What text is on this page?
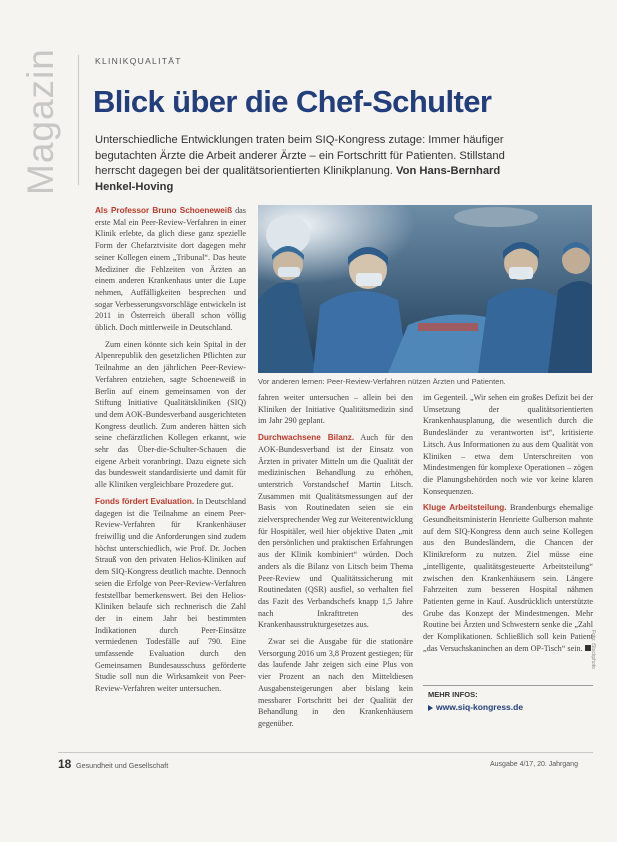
Magazin	KLINIKQUALITÄT
Blick über die Chef-Schulter
Unterschiedliche Entwicklungen traten beim SIQ-Kongress zutage: Immer häufiger begutachten Ärzte die Arbeit anderer Ärzte – ein Fortschritt für Patienten. Stillstand herrscht dagegen bei der qualitätsorientierten Klinikplanung. Von Hans-Bernhard Henkel-Hoving

Als Professor Bruno Schoeneweiß das erste Mal ein Peer-Review-Verfahren in einer Klinik erlebte, da glich diese ganz spezielle Form der Chefarztvisite dort dagegen mehr seiner Kollegen einem „Tribunal“. Das heute Mediziner die Fehlzeiten von Ärzten an einem anderen Krankenhaus unter die Lupe nehmen, Auffälligkeiten besprechen und sogar Verbesserungsvorschläge entwickeln ist 2011 in Österreich überall schon völlig üblich. Doch mittlerweile in Deutschland.

Zum einen könnte sich kein Spital in der Alpenrepublik den gesetzlichen Pflichten zur Teilnahme an den jährlichen Peer-Review-Verfahren entziehen, sagte Schoeneweiß in Berlin auf einem gemeinsamen von der Stiftung Initiative Qualitätskliniken (SIQ) und dem AOK-Bundesverband ausgerichteten Kongress deutlich. Zum anderen hätten sich seine chefärztlichen Kollegen erkannt, wie sehr das Über-die-Schulter-Schauen die eigene Arbeit voranbringt. Dazu eignete sich das bundesweit standardisierte und damit für alle Kliniken vergleichbare Prozedere gut.

Fonds fördert Evaluation. In Deutschland dagegen ist die Teilnahme an einem Peer-Review-Verfahren für Krankenhäuser freiwillig und die Anforderungen sind zudem höchst unterschiedlich, wie Prof. Dr. Jochen Strauß von den privaten Helios-Kliniken auf dem SIQ-Kongress deutlich machte. Dennoch seien die Erfolge von Peer-Review-Verfahren feststellbar bemerkenswert. Bei den Helios-Kliniken belaufe sich rechnerisch die Zahl der in einem Jahr bei bestimmten Indikationen durch Peer-Einsätze vermiedenen Todesfälle auf 790. Eine umfassende Evaluation durch den Gemeinsamen Bundesausschuss geförderte Studie soll nun die Wirksamkeit von Peer-Review-Verfahren weiter untersuchen.

Vor anderen lernen: Peer-Review-Verfahren nützen Ärzten und Patienten.

fahren weiter untersuchen – allein bei den Kliniken der Initiative Qualitätsmedizin sind im Jahr 290 geplant.

Durchwachsene Bilanz. Auch für den AOK-Bundesverband ist der Einsatz von Ärzten in privater Mitteln um die Qualität der medizinischen Behandlung zu erhöhen, unterstrich Vorstandschef Martin Litsch. Zusammen mit Qualitätsmessungen auf der Basis von Routinedaten seien sie ein zielversprechender Weg zur Weiterentwicklung für Hospitäler, weil hier objektive Daten „mit den persönlichen und praktischen Erfahrungen aus der Klinik kombiniert“ würden. Doch anders als die Bilanz von Litsch beim Thema Peer-Review und Qualitätssicherung mit Routinedaten (QSR) ausfiel, so verhalten fiel das Fazit des Verbandschefs knapp 1,5 Jahre nach Inkrafttreten des Krankenhausstrukturgesetzes aus.

Zwar sei die Ausgabe für die stationäre Versorgung 2016 um 3,8 Prozent gestiegen; für das laufende Jahr zeigen sich eine Plus von vier Prozent an nach den Mitteldiesen Ausgabensteigerungen aber bislang kein messbarer Fortschritt bei der Qualität der Behandlung in den Krankenhäusern gegenüber.

im Gegenteil. „Wir sehen ein großes Defizit bei der Umsetzung der qualitätsorientierten Krankenhausplanung, die wesentlich durch die Bundesländer zu verantworten ist“, kritisierte Litsch. Aus Informationen zu aus dem Qualität von Kliniken – etwa dem Unterschreiten von Mindestmengen für komplexe Operationen – zögen die Planungsbehörden noch wie vor keine klaren Konsequenzen.

Kluge Arbeitsteilung. Brandenburgs ehemalige Gesundheitsministerin Henriette Gulberson mahnte auf dem SIQ-Kongress denn auch seine Kollegen aus den Bundesländern, die Chancen der Klinikreform zu nutzen. Ziel müsse eine „intelligente, qualitätsgesteuerte Arbeitsteilung“ zwischen den Krankenhäusern sein. Längere Fahrzeiten zum besseren Hospital nähmen Patienten gerne in Kauf. Ausdrücklich unterstützte Grube das Konzept der Mindestmengen. Mehr Routine bei Ärzten und Schwestern senke die „Zahl der Komplikationen. Schließlich soll kein Patient „das Versuchskaninchen an dem OP-Tisch“ sein.

MEHR INFOS:
www.siq-kongress.de
Foto: iStockphoto
18 Gesundheit und Gesellschaft	Ausgabe 4/17, 20. Jahrgang
